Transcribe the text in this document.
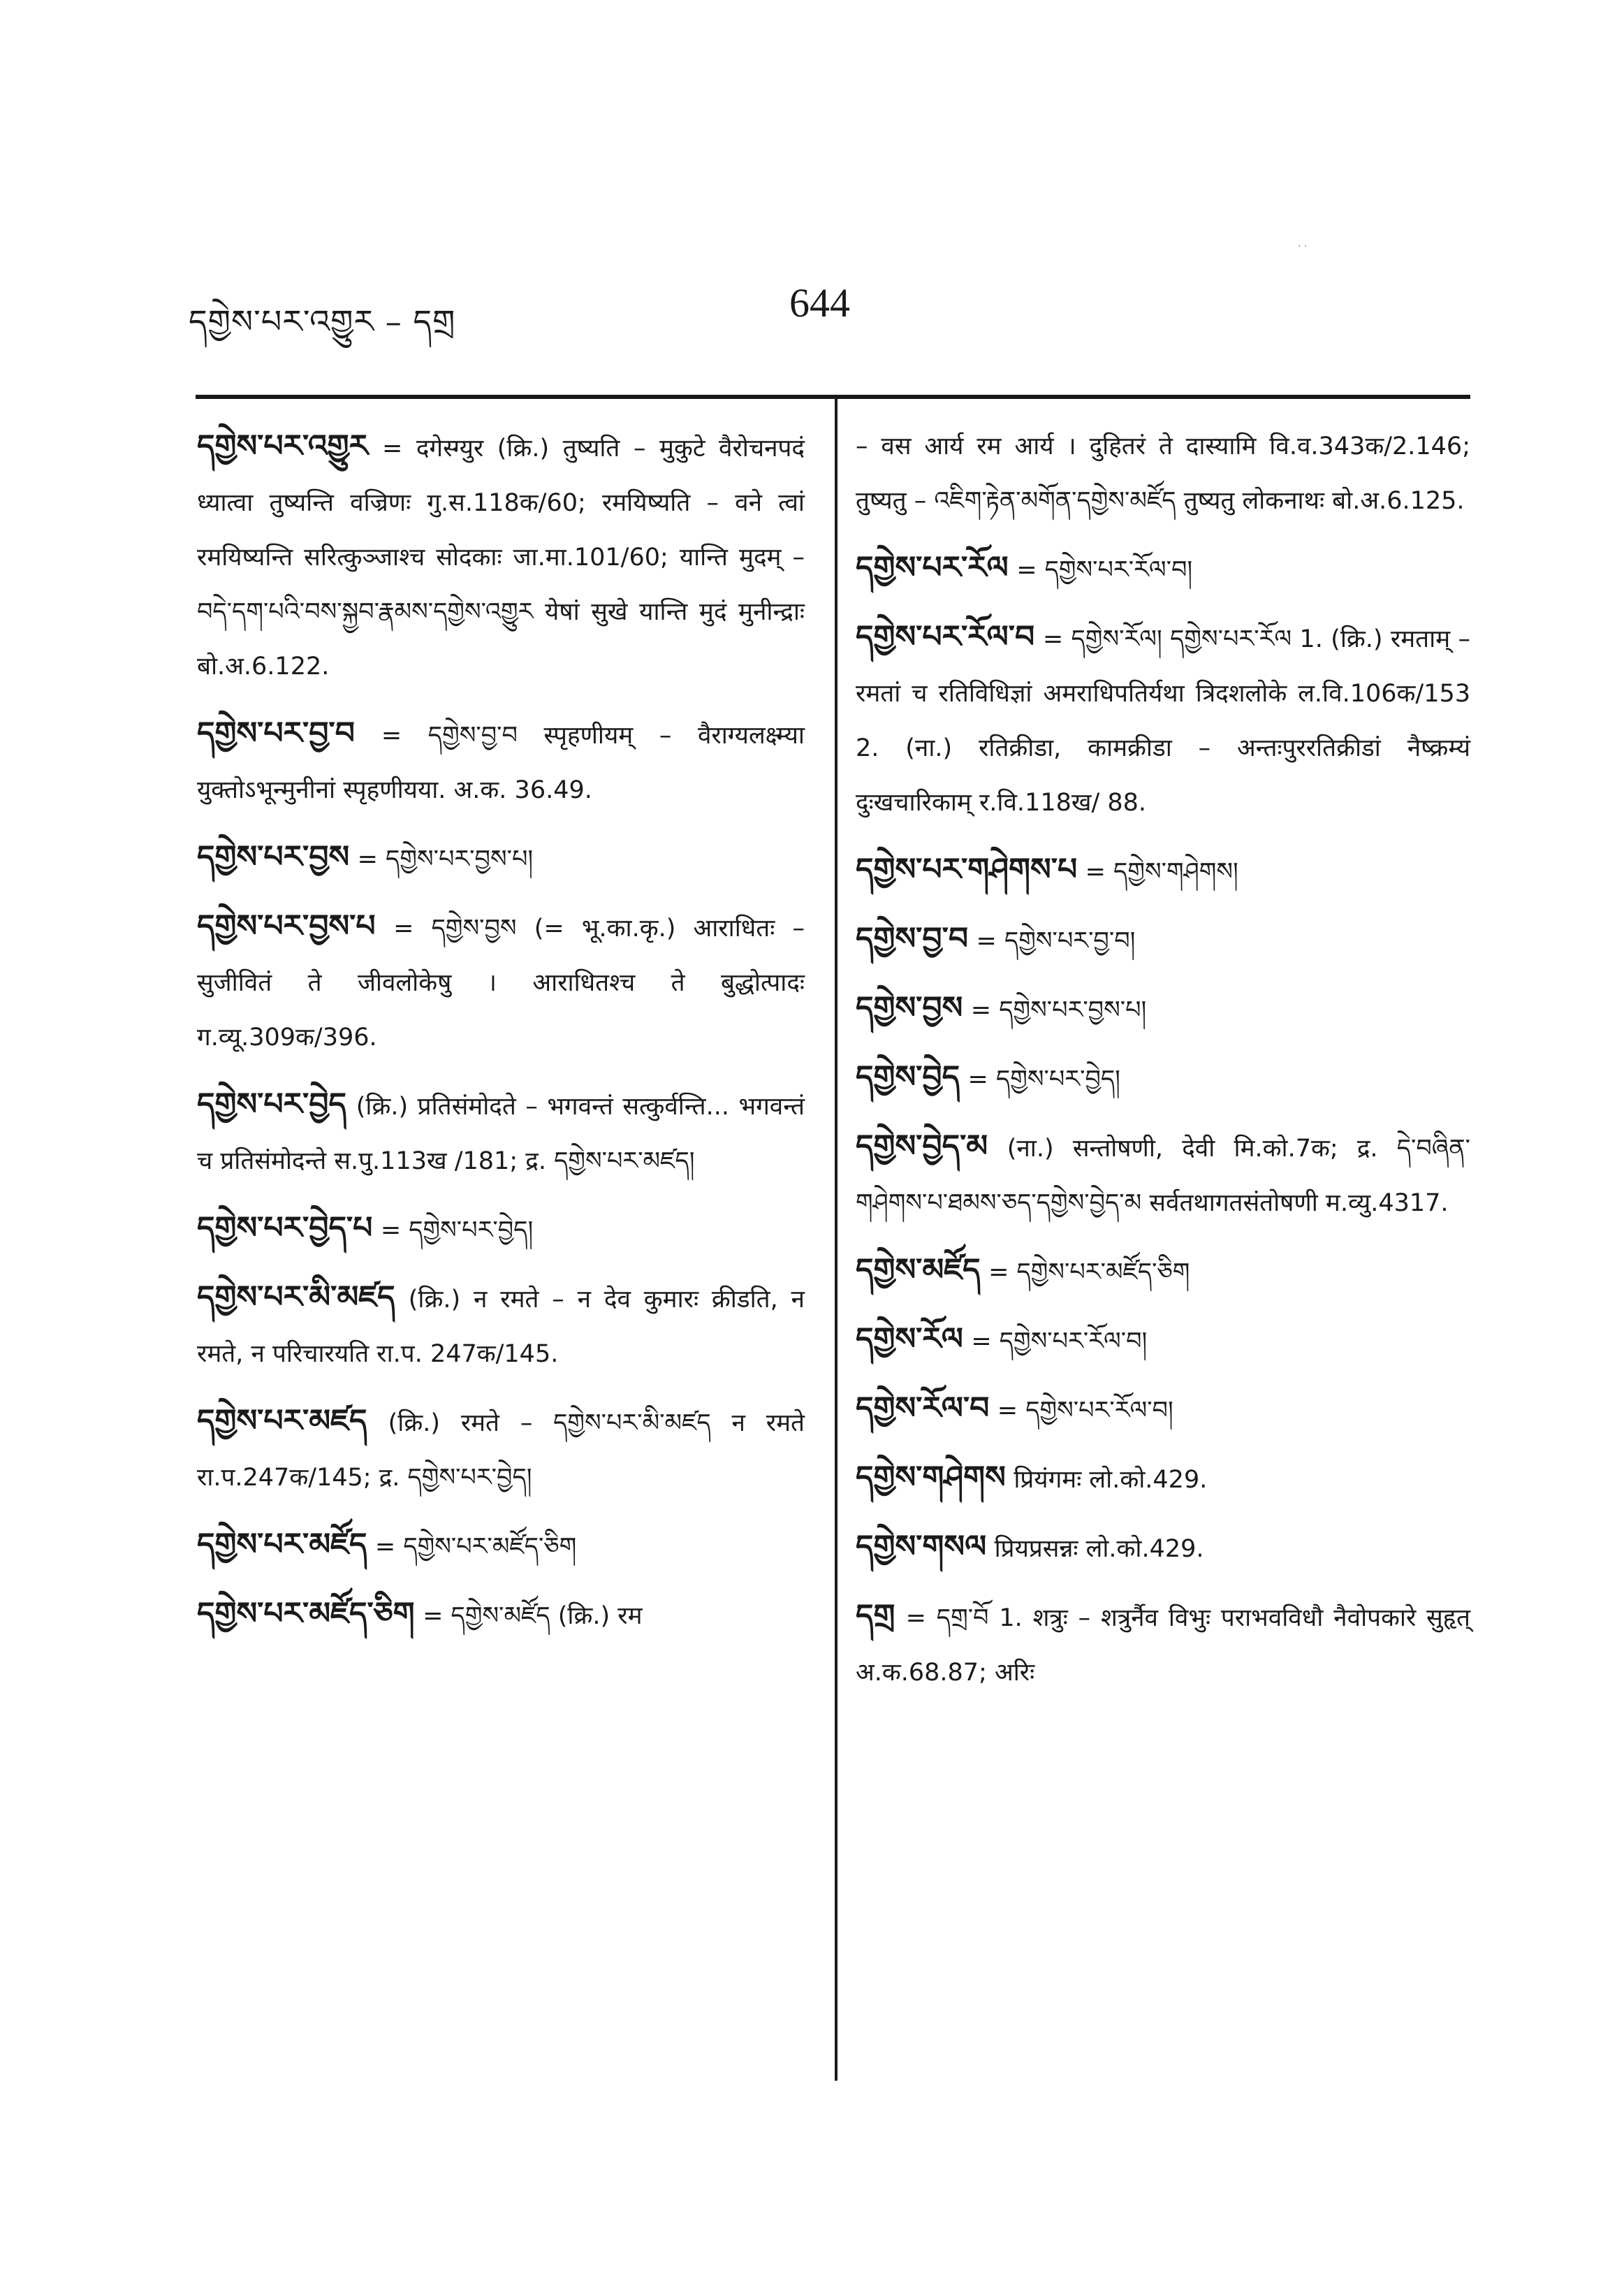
དགྱེས་པར་འགྱུར – དགྲ	644
དགྱེས་པར་འགྱུར = दगेस्ग्युर (क्रि.) तुष्यति – मुकुटे वैरोचनपदं ध्यात्वा तुष्यन्ति वज्रिणः गु.स.118क/60; रमयिष्यति – वने त्वां रमयिष्यन्ति सरित्कुञ्जाश्च सोदकाः जा.मा.101/60; यान्ति मुदम् – བདེ་དག་པའི་བས་སྐྱབ་རྣམས་དགྱེས་འགྱུར येषां सुखे यान्ति मुदं मुनीन्द्राः बो.अ.6.122.
དགྱེས་པར་བྱ་བ = དགྱེས་བྱ་བ स्पृहणीयम् – वैराग्यलक्ष्म्या युक्तोऽभून्मुनीनां स्पृहणीयया. अ.क. 36.49.
དགྱེས་པར་བྱས = དགྱེས་པར་བྱས་པ།
དགྱེས་པར་བྱས་པ = དགྱེས་བྱས (= भू.का.कृ.) आराधितः – सुजीवितं ते जीवलोकेषु । आराधितश्च ते बुद्धोत्पादः ग.व्यू.309क/396.
དགྱེས་པར་བྱེད (क्रि.) प्रतिसंमोदते – भगवन्तं सत्कुर्वन्ति... भगवन्तं च प्रतिसंमोदन्ते स.पु.113ख /181; द्र. དགྱེས་པར་མཛད།
དགྱེས་པར་བྱེད་པ = དགྱེས་པར་བྱེད།
དགྱེས་པར་མི་མཛད (क्रि.) न रमते – न देव कुमारः क्रीडति, न रमते, न परिचारयति रा.प. 247क/145.
དགྱེས་པར་མཛད (क्रि.) रमते – དགྱེས་པར་མི་མཛད न रमते रा.प.247क/145; द्र. དགྱེས་པར་བྱེད།
དགྱེས་པར་མཛོད = དགྱེས་པར་མཛོད་ཅིག
དགྱེས་པར་མཛོད་ཅིག = དགྱེས་མཛོད (क्रि.) रम
– वस आर्य रम आर्य । दुहितरं ते दास्यामि वि.व.343क/2.146; तुष्यतु – འཇིག་རྟེན་མགོན་དགྱེས་མཛོད तुष्यतु लोकनाथः बो.अ.6.125.
དགྱེས་པར་རོལ = དགྱེས་པར་རོལ་བ།
དགྱེས་པར་རོལ་བ = དགྱེས་རོལ། དགྱེས་པར་རོལ 1. (क्रि.) रमताम् – रमतां च रतिविधिज्ञां अमराधिपतिर्यथा त्रिदशलोके ल.वि.106क/153 2. (ना.) रतिक्रीडा, कामक्रीडा – अन्तःपुररतिक्रीडां नैष्क्रम्यं दुःखचारिकाम् र.वि.118ख/ 88.
དགྱེས་པར་གཤེགས་པ = དགྱེས་གཤེགས།
དགྱེས་བྱ་བ = དགྱེས་པར་བྱ་བ།
དགྱེས་བྱས = དགྱེས་པར་བྱས་པ།
དགྱེས་བྱེད = དགྱེས་པར་བྱེད།
དགྱེས་བྱེད་མ (ना.) सन्तोषणी, देवी मि.को.7क; द्र. དེ་བཞིན་གཤེགས་པ་ཐམས་ཅད་དགྱེས་བྱེད་མ सर्वतथागतसंतोषणी म.व्यु.4317.
དགྱེས་མཛོད = དགྱེས་པར་མཛོད་ཅིག
དགྱེས་རོལ = དགྱེས་པར་རོལ་བ།
དགྱེས་རོལ་བ = དགྱེས་པར་རོལ་བ།
དགྱེས་གཤེགས प्रियंगमः लो.को.429.
དགྱེས་གསལ प्रियप्रसन्नः लो.को.429.
དགྲ = དགྲ་བོ 1. शत्रुः – शत्रुर्नैव विभुः पराभवविधौ नैवोपकारे सुहृत् अ.क.68.87; अरिः
· ·
